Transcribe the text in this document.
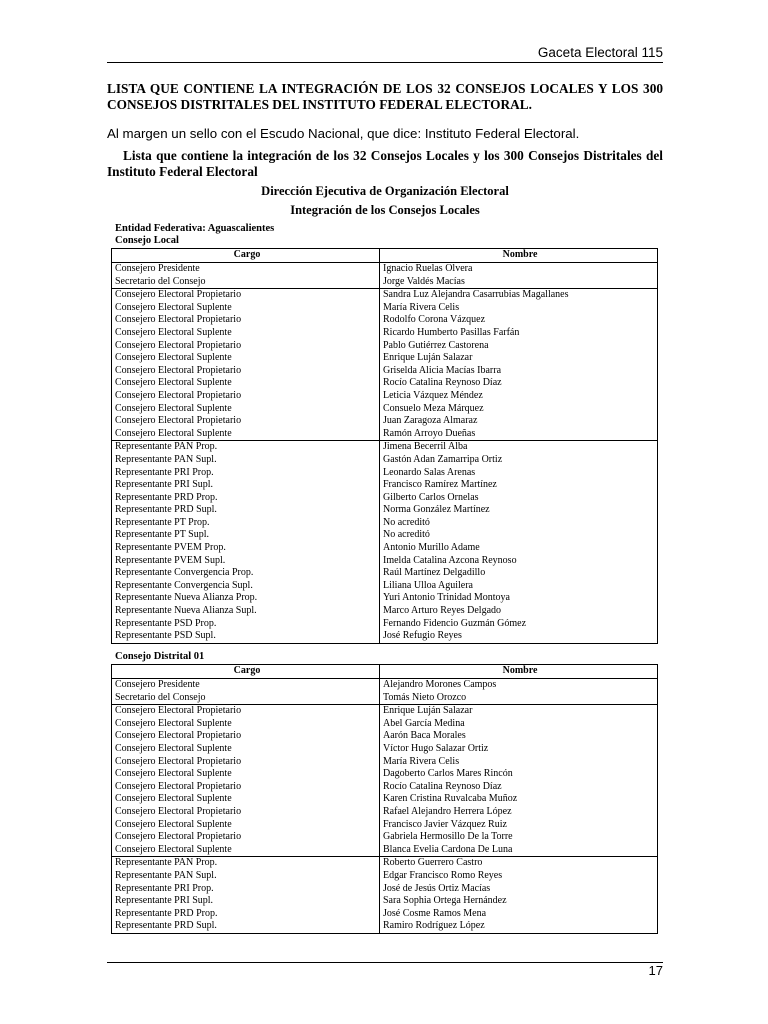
Gaceta Electoral 115
LISTA QUE CONTIENE LA INTEGRACIÓN DE LOS 32 CONSEJOS LOCALES Y LOS 300 CONSEJOS DISTRITALES DEL INSTITUTO FEDERAL ELECTORAL.
Al margen un sello con el Escudo Nacional, que dice: Instituto Federal Electoral.
Lista que contiene la integración de los 32 Consejos Locales y los 300 Consejos Distritales del Instituto Federal Electoral
Dirección Ejecutiva de Organización Electoral
Integración de los Consejos Locales
Entidad Federativa: Aguascalientes
Consejo Local
Cargo	Nombre
Consejero Presidente	Ignacio Ruelas Olvera
Secretario del Consejo	Jorge Valdés Macías
Consejero Electoral Propietario	Sandra Luz Alejandra Casarrubias Magallanes
Consejero Electoral Suplente	María Rivera Celis
Consejero Electoral Propietario	Rodolfo Corona Vázquez
Consejero Electoral Suplente	Ricardo Humberto Pasillas Farfán
Consejero Electoral Propietario	Pablo Gutiérrez Castorena
Consejero Electoral Suplente	Enrique Luján Salazar
Consejero Electoral Propietario	Griselda Alicia Macías Ibarra
Consejero Electoral Suplente	Rocío Catalina Reynoso Díaz
Consejero Electoral Propietario	Leticia Vázquez Méndez
Consejero Electoral Suplente	Consuelo Meza Márquez
Consejero Electoral Propietario	Juan Zaragoza Almaraz
Consejero Electoral Suplente	Ramón Arroyo Dueñas
Representante PAN Prop.	Jimena Becerril Alba
Representante PAN Supl.	Gastón Adan Zamarripa Ortiz
Representante PRI Prop.	Leonardo Salas Arenas
Representante PRI Supl.	Francisco Ramírez Martínez
Representante PRD Prop.	Gilberto Carlos Ornelas
Representante PRD Supl.	Norma González Martínez
Representante PT Prop.	No acreditó
Representante PT Supl.	No acreditó
Representante PVEM Prop.	Antonio Murillo Adame
Representante PVEM Supl.	Imelda Catalina Azcona Reynoso
Representante Convergencia Prop.	Raúl Martínez Delgadillo
Representante Convergencia Supl.	Liliana Ulloa Aguilera
Representante Nueva Alianza Prop.	Yuri Antonio Trinidad Montoya
Representante Nueva Alianza Supl.	Marco Arturo Reyes Delgado
Representante PSD Prop.	Fernando Fidencio Guzmán Gómez
Representante PSD Supl.	José Refugio Reyes
Consejo Distrital 01
Cargo	Nombre
Consejero Presidente	Alejandro Morones Campos
Secretario del Consejo	Tomás Nieto Orozco
Consejero Electoral Propietario	Enrique Luján Salazar
Consejero Electoral Suplente	Abel García Medina
Consejero Electoral Propietario	Aarón Baca Morales
Consejero Electoral Suplente	Víctor Hugo Salazar Ortiz
Consejero Electoral Propietario	María Rivera Celis
Consejero Electoral Suplente	Dagoberto Carlos Mares Rincón
Consejero Electoral Propietario	Rocío Catalina Reynoso Díaz
Consejero Electoral Suplente	Karen Cristina Ruvalcaba Muñoz
Consejero Electoral Propietario	Rafael Alejandro Herrera López
Consejero Electoral Suplente	Francisco Javier Vázquez Ruiz
Consejero Electoral Propietario	Gabriela Hermosillo De la Torre
Consejero Electoral Suplente	Blanca Evelia Cardona De Luna
Representante PAN Prop.	Roberto Guerrero Castro
Representante PAN Supl.	Edgar Francisco Romo Reyes
Representante PRI Prop.	José de Jesús Ortiz Macías
Representante PRI Supl.	Sara Sophia Ortega Hernández
Representante PRD Prop.	José Cosme Ramos Mena
Representante PRD Supl.	Ramiro Rodríguez López
17
